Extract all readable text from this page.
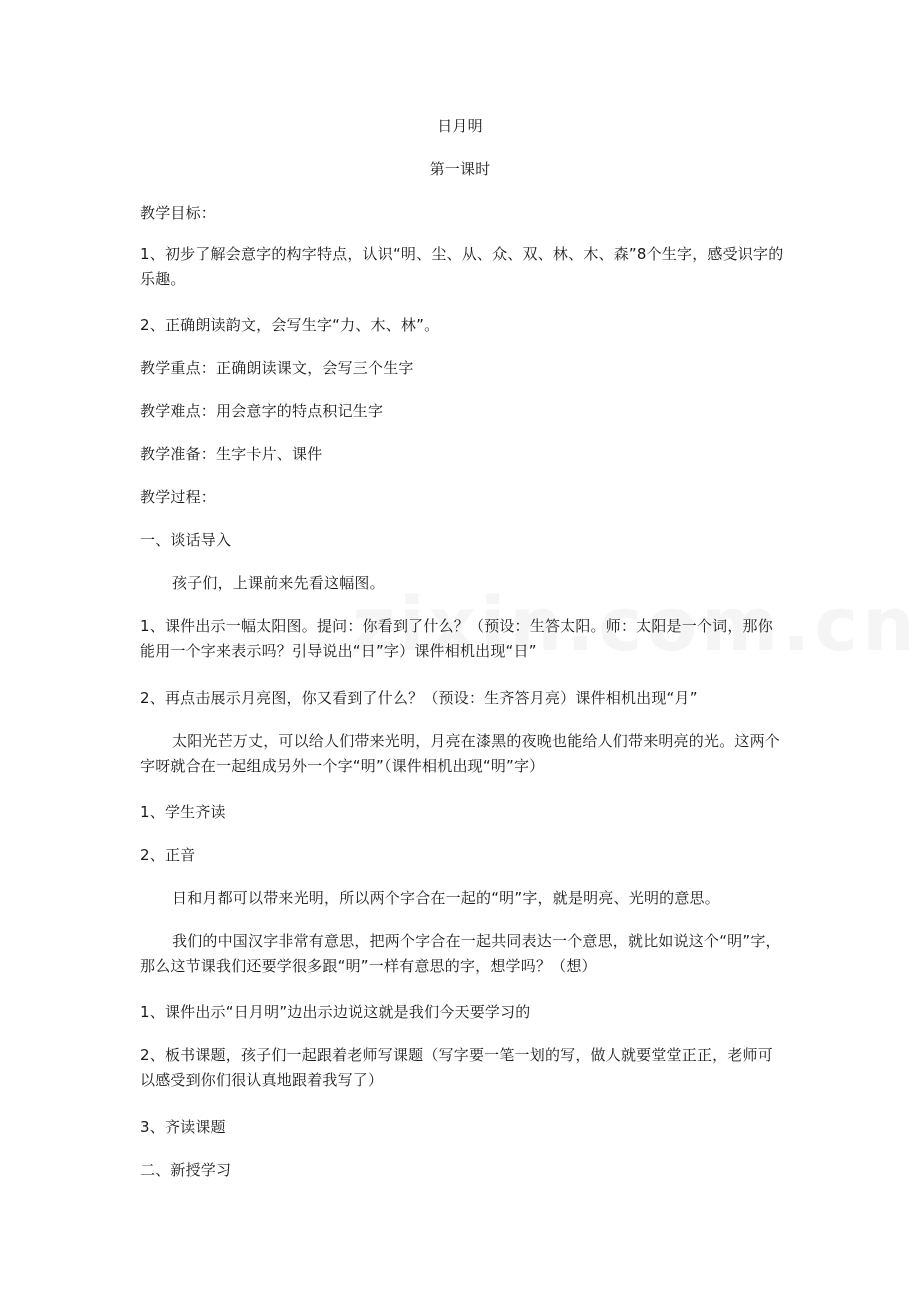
日月明
第一课时
教学目标：
1、初步了解会意字的构字特点，认识“明、尘、从、众、双、林、木、森”8个生字，感受识字的乐趣。
2、正确朗读韵文，会写生字“力、木、林”。
教学重点：正确朗读课文，会写三个生字
教学难点：用会意字的特点积记生字
教学准备：生字卡片、课件
教学过程：
一、谈话导入
孩子们，上课前来先看这幅图。
1、课件出示一幅太阳图。提问：你看到了什么？（预设：生答太阳。师：太阳是一个词，那你能用一个字来表示吗？引导说出“日”字）课件相机出现“日”
2、再点击展示月亮图，你又看到了什么？（预设：生齐答月亮）课件相机出现“月”
太阳光芒万丈，可以给人们带来光明，月亮在漆黑的夜晚也能给人们带来明亮的光。这两个字呀就合在一起组成另外一个字“明”（课件相机出现“明”字）
1、学生齐读
2、正音
日和月都可以带来光明，所以两个字合在一起的“明”字，就是明亮、光明的意思。
我们的中国汉字非常有意思，把两个字合在一起共同表达一个意思，就比如说这个“明”字，那么这节课我们还要学很多跟“明”一样有意思的字，想学吗？（想）
1、课件出示“日月明”边出示边说这就是我们今天要学习的
2、板书课题，孩子们一起跟着老师写课题（写字要一笔一划的写，做人就要堂堂正正，老师可以感受到你们很认真地跟着我写了）
3、齐读课题
二、新授学习
